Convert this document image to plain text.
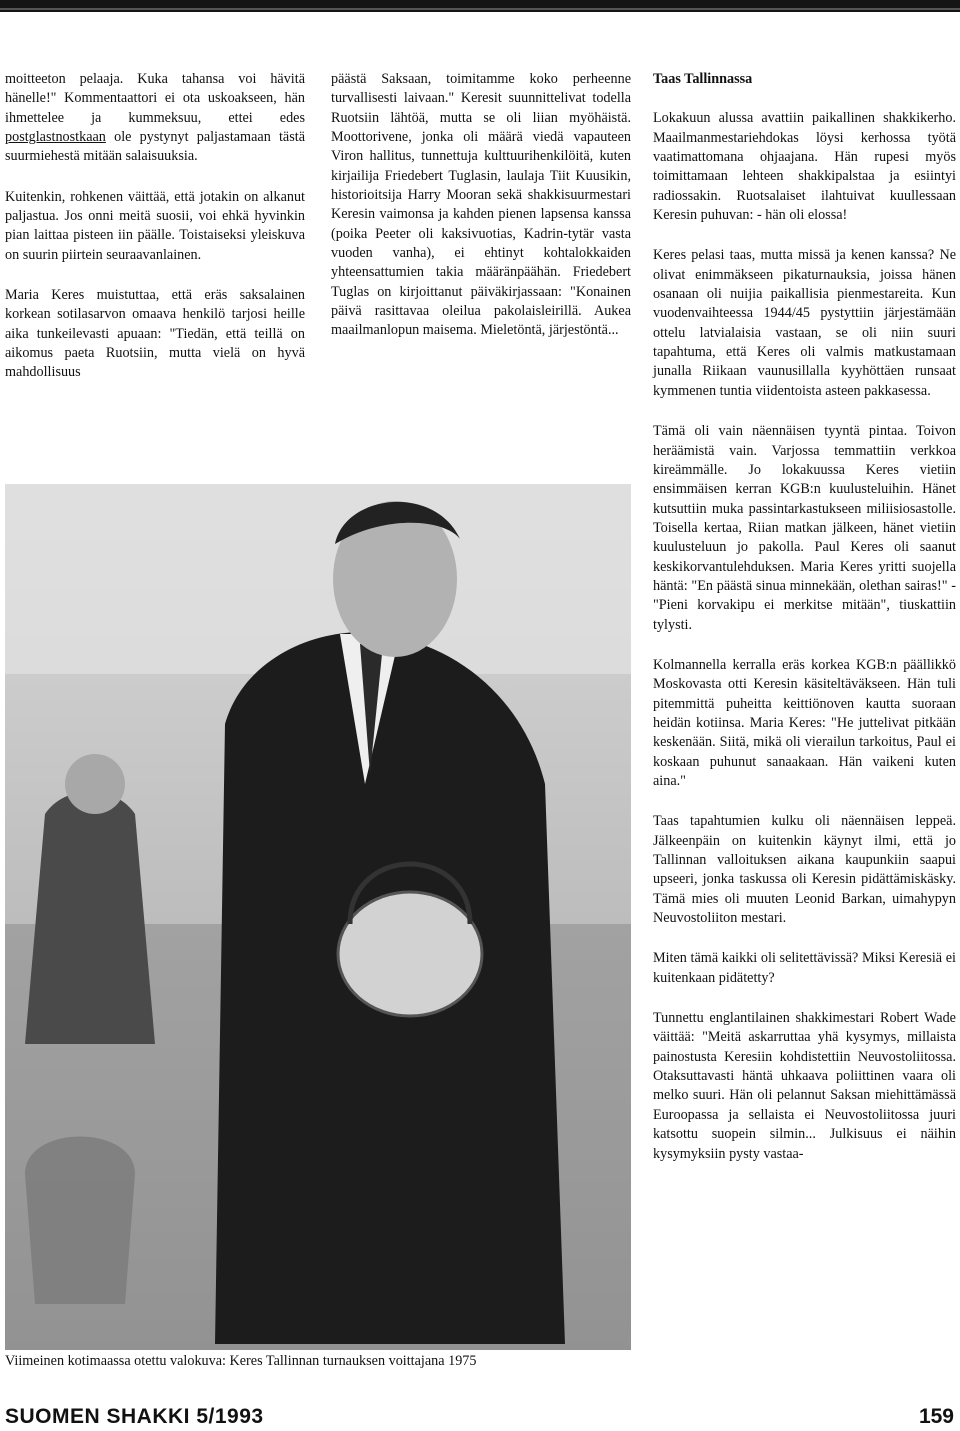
moitteeton pelaaja. Kuka tahansa voi hävitä hänelle!" Kommentaattori ei ota uskoakseen, hän ihmettelee ja kummeksuu, ettei edes postglastnostkaan ole pystynyt paljastamaan tästä suurmiehestä mitään salaisuuksia.

Kuitenkin, rohkenen väittää, että jotakin on alkanut paljastua. Jos onni meitä suosii, voi ehkä hyvinkin pian laittaa pisteen iin päälle. Toistaiseksi yleiskuva on suurin piirtein seuraavanlainen.

Maria Keres muistuttaa, että eräs saksalainen korkean sotilasarvon omaava henkilö tarjosi heille aika tunkeilevasti apuaan: "Tiedän, että teillä on aikomus paeta Ruotsiin, mutta vielä on hyvä mahdollisuus

päästä Saksaan, toimitamme koko perheenne turvallisesti laivaan." Keresit suunnittelivat todella Ruotsiin lähtöä, mutta se oli liian myöhäistä. Moottorivene, jonka oli määrä viedä vapauteen Viron hallitus, tunnettuja kulttuurihenkilöitä, kuten kirjailija Friedebert Tuglasin, laulaja Tiit Kuusikin, historioitsija Harry Mooran sekä shakkisuurmestari Keresin vaimonsa ja kahden pienen lapsensa kanssa (poika Peeter oli kaksivuotias, Kadrin-tytär vasta vuoden vanha), ei ehtinyt kohtalokkaiden yhteensattumien takia määränpäähän. Friedebert Tuglas on kirjoittanut päiväkirjassaan: "Konainen päivä rasittavaa oleilua pakolaisleirillä. Aukea maailmanlopun maisema. Mieletöntä, järjestöntä...

Taas Tallinnassa

Lokakuun alussa avattiin paikallinen shakkikerho. Maailmanmestariehdokas löysi kerhossa työtä vaatimattomana ohjaajana. Hän rupesi myös toimittamaan lehteen shakkipalstaa ja esiintyi radiossakin. Ruotsalaiset ilahtuivat kuullessaan Keresin puhuvan: - hän oli elossa!

Keres pelasi taas, mutta missä ja kenen kanssa? Ne olivat enimmäkseen pikaturnauksia, joissa hänen osanaan oli nuijia paikallisia pienmestareita. Kun vuodenvaihteessa 1944/45 pystyttiin järjestämään ottelu latvialaisia vastaan, se oli niin suuri tapahtuma, että Keres oli valmis matkustamaan junalla Riikaan vaunusillalla kyyhöttäen runsaat kymmenen tuntia viidentoista asteen pakkasessa.

Tämä oli vain näennäisen tyyntä pintaa. Toivon heräämistä vain. Varjossa temmattiin verkkoa kireämmälle. Jo lokakuussa Keres vietiin ensimmäisen kerran KGB:n kuulusteluihin. Hänet kutsuttiin muka passintarkastukseen miliisiosastolle. Toisella kertaa, Riian matkan jälkeen, hänet vietiin kuulusteluun jo pakolla. Paul Keres oli saanut keskikorvantulehduksen. Maria Keres yritti suojella häntä: "En päästä sinua minnekään, olethan sairas!" - "Pieni korvakipu ei merkitse mitään", tiuskattiin tylysti.

Kolmannella kerralla eräs korkea KGB:n päällikkö Moskovasta otti Keresin käsiteltäväkseen. Hän tuli pitemmittä puheitta keittiönoven kautta suoraan heidän kotiinsa. Maria Keres: "He juttelivat pitkään keskenään. Siitä, mikä oli vierailun tarkoitus, Paul ei koskaan puhunut sanaakaan. Hän vaikeni kuten aina."

Taas tapahtumien kulku oli näennäisen leppeä. Jälkeenpäin on kuitenkin käynyt ilmi, että jo Tallinnan valloituksen aikana kaupunkiin saapui upseeri, jonka taskussa oli Keresin pidättämiskäsky. Tämä mies oli muuten Leonid Barkan, uimahypyn Neuvostoliiton mestari.

Miten tämä kaikki oli selitettävissä? Miksi Keresiä ei kuitenkaan pidätetty?

Tunnettu englantilainen shakkimestari Robert Wade väittää: "Meitä askarruttaa yhä kysymys, millaista painostusta Keresiin kohdistettiin Neuvostoliitossa. Otaksuttavasti häntä uhkaava poliittinen vaara oli melko suuri. Hän oli pelannut Saksan miehittämässä Euroopassa ja sellaista ei Neuvostoliitossa juuri katsottu suopein silmin... Julkisuus ei näihin kysymyksiin pysty vastaa-

Viimeinen kotimaassa otettu valokuva: Keres Tallinnan turnauksen voittajana 1975
SUOMEN SHAKKI 5/1993	159
